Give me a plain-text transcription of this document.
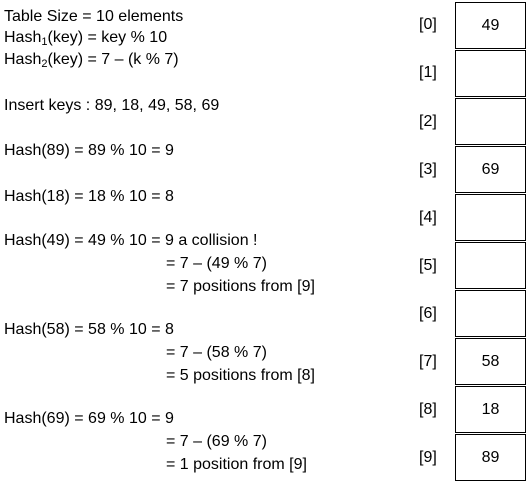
Table Size = 10 elements
Hash$_1$(key) = key % 10
Hash$_2$(key) = 7 – (k % 7)
Insert keys : 89, 18, 49, 58, 69
Hash(89) = 89 % 10 = 9
Hash(18) = 18 % 10 = 8
Hash(49) = 49 % 10 = 9 a collision !
= 7 – (49 % 7)
= 7 positions from [9]
Hash(58) = 58 % 10 = 8
= 7 – (58 % 7)
= 5 positions from [8]
Hash(69) = 69 % 10 = 9
= 7 – (69 % 7)
= 1 position from [9]
[0]
[1]
[2]
[3]
[4]
[5]
[6]
[7]
[8]
[9]
49
69
58
18
89
